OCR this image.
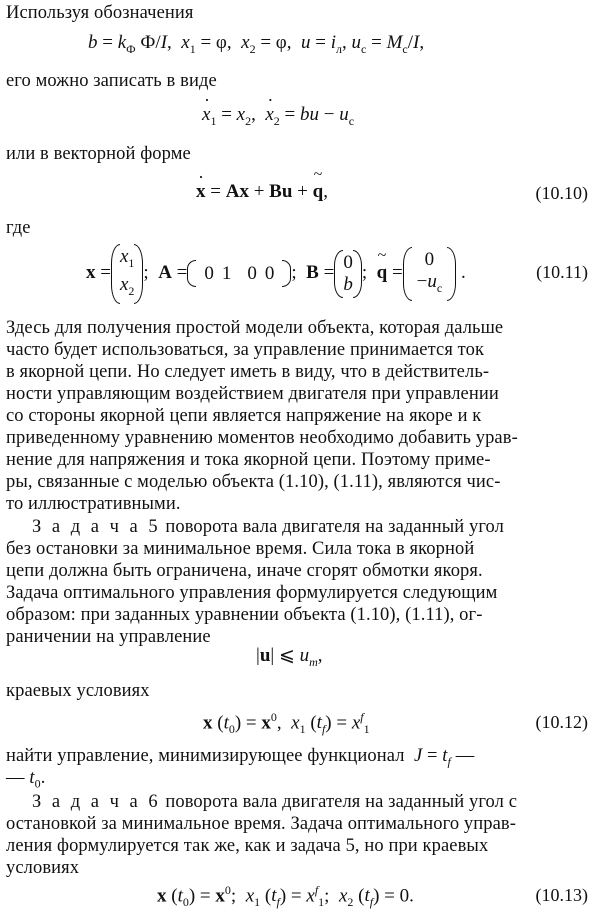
Используя обозначения
$b = k_Ф$ Ф/I,  $x_1 = \varphi$,  $x_2 = \varphi$,  $u = i_л$, $u_c = M_c/I$,
его можно записать в виде
· $x_1 = x_2$,  · $x_2$ = bu − $u_c$
или в векторной форме
· x = Ax + Bu + ~ q,	(10.10)
где
x =
$x_1$
$x_2$
;  A = 0	1	0	0 ;  B = 0
b
;  ~ q =
0
$-u_c$
.	(10.11)
Здесь для получения простой модели объекта, которая дальше
часто будет использоваться, за управление принимается ток
в якорной цепи. Но следует иметь в виду, что в действитель-
ности управляющим воздействием двигателя при управлении
со стороны якорной цепи является напряжение на якоре и к
приведенному уравнению моментов необходимо добавить урав-
нение для напряжения и тока якорной цепи. Поэтому приме-
ры, связанные с моделью объекта (1.10), (1.11), являются чис-
то иллюстративными.
З а д а ч а 5 поворота вала двигателя на заданный угол
без остановки за минимальное время. Сила тока в якорной
цепи должна быть ограничена, иначе сгорят обмотки якоря.
Задача оптимального управления формулируется следующим
образом: при заданных уравнении объекта (1.10), (1.11), ог-
раничении на управление
|u| ⩽ $u_m$,
краевых условиях
x $(t_0) = x^0$,  $x_1$ $(t_f) = x^f_1$	(10.12)
найти управление, минимизирующее функционал $J = t_f$ —
— $t_0$.
З а д а ч а 6 поворота вала двигателя на заданный угол с
остановкой за минимальное время. Задача оптимального управ-
ления формулируется так же, как и задача 5, но при краевых
условиях
x $(t_0) = x^0$;  $x_1$ $(t_f) = x^f_1$;  $x_2$ $(t_f) = 0$.	(10.13)
